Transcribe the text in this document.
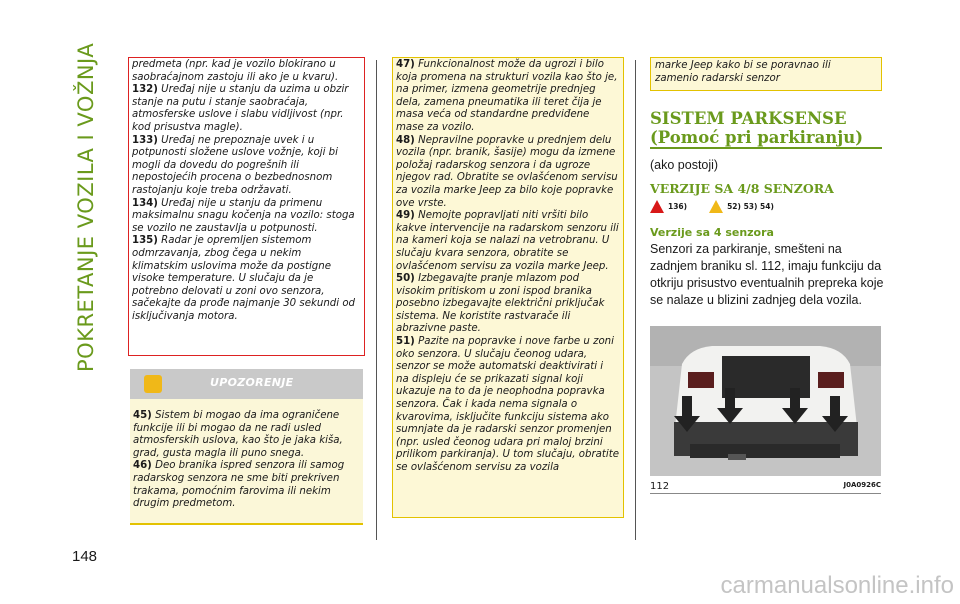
POKRETANJE VOZILA I VOŽNJA
148

predmeta (npr. kad je vozilo blokirano u saobraćajnom zastoju ili ako je u kvaru).

132) Uređaj nije u stanju da uzima u obzir stanje na putu i stanje saobraćaja, atmosferske uslove i slabu vidljivost (npr. kod prisustva magle).

133) Uređaj ne prepoznaje uvek i u potpunosti složene uslove vožnje, koji bi mogli da dovedu do pogrešnih ili nepostojećih procena o bezbednosnom rastojanju koje treba održavati.

134) Uređaj nije u stanju da primenu maksimalnu snagu kočenja na vozilo: stoga se vozilo ne zaustavlja u potpunosti.

135) Radar je opremljen sistemom odmrzavanja, zbog čega u nekim klimatskim uslovima može da postigne visoke temperature. U slučaju da je potrebno delovati u zoni ovo senzora, sačekajte da prođe najmanje 30 sekundi od isključivanja motora.

UPOZORENJE

45) Sistem bi mogao da ima ograničene funkcije ili bi mogao da ne radi usled atmosferskih uslova, kao što je jaka kiša, grad, gusta magla ili puno snega.

46) Deo branika ispred senzora ili samog radarskog senzora ne sme biti prekriven trakama, pomoćnim farovima ili nekim drugim predmetom.

47) Funkcionalnost može da ugrozi i bilo koja promena na strukturi vozila kao što je, na primer, izmena geometrije prednjeg dela, zamena pneumatika ili teret čija je masa veća od standardne predviđene mase za vozilo.

48) Nepravilne popravke u prednjem delu vozila (npr. branik, šasije) mogu da izmene položaj radarskog senzora i da ugroze njegov rad. Obratite se ovlašćenom servisu za vozila marke Jeep za bilo koje popravke ove vrste.

49) Nemojte popravljati niti vršiti bilo kakve intervencije na radarskom senzoru ili na kameri koja se nalazi na vetrobranu. U slučaju kvara senzora, obratite se ovlašćenom servisu za vozila marke Jeep.

50) Izbegavajte pranje mlazom pod visokim pritiskom u zoni ispod branika posebno izbegavajte električni priključak sistema. Ne koristite rastvarače ili abrazivne paste.

51) Pazite na popravke i nove farbe u zoni oko senzora. U slučaju čeonog udara, senzor se može automatski deaktivirati i na displeju će se prikazati signal koji ukazuje na to da je neophodna popravka senzora. Čak i kada nema signala o kvarovima, isključite funkciju sistema ako sumnjate da je radarski senzor promenjen (npr. usled čeonog udara pri maloj brzini prilikom parkiranja). U tom slučaju, obratite se ovlašćenom servisu za vozila

marke Jeep kako bi se poravnao ili zamenio radarski senzor
SISTEM PARKSENSE
(Pomoć pri parkiranju)
(ako postoji)
VERZIJE SA 4/8 SENZORA
136)	52) 53) 54)
Verzije sa 4 senzora
Senzori za parkiranje, smešteni na zadnjem braniku sl. 112, imaju funkciju da otkriju prisustvo eventualnih prepreka koje se nalaze u blizini zadnjeg dela vozila.
112	J0A0926C
carmanualsonline.info
